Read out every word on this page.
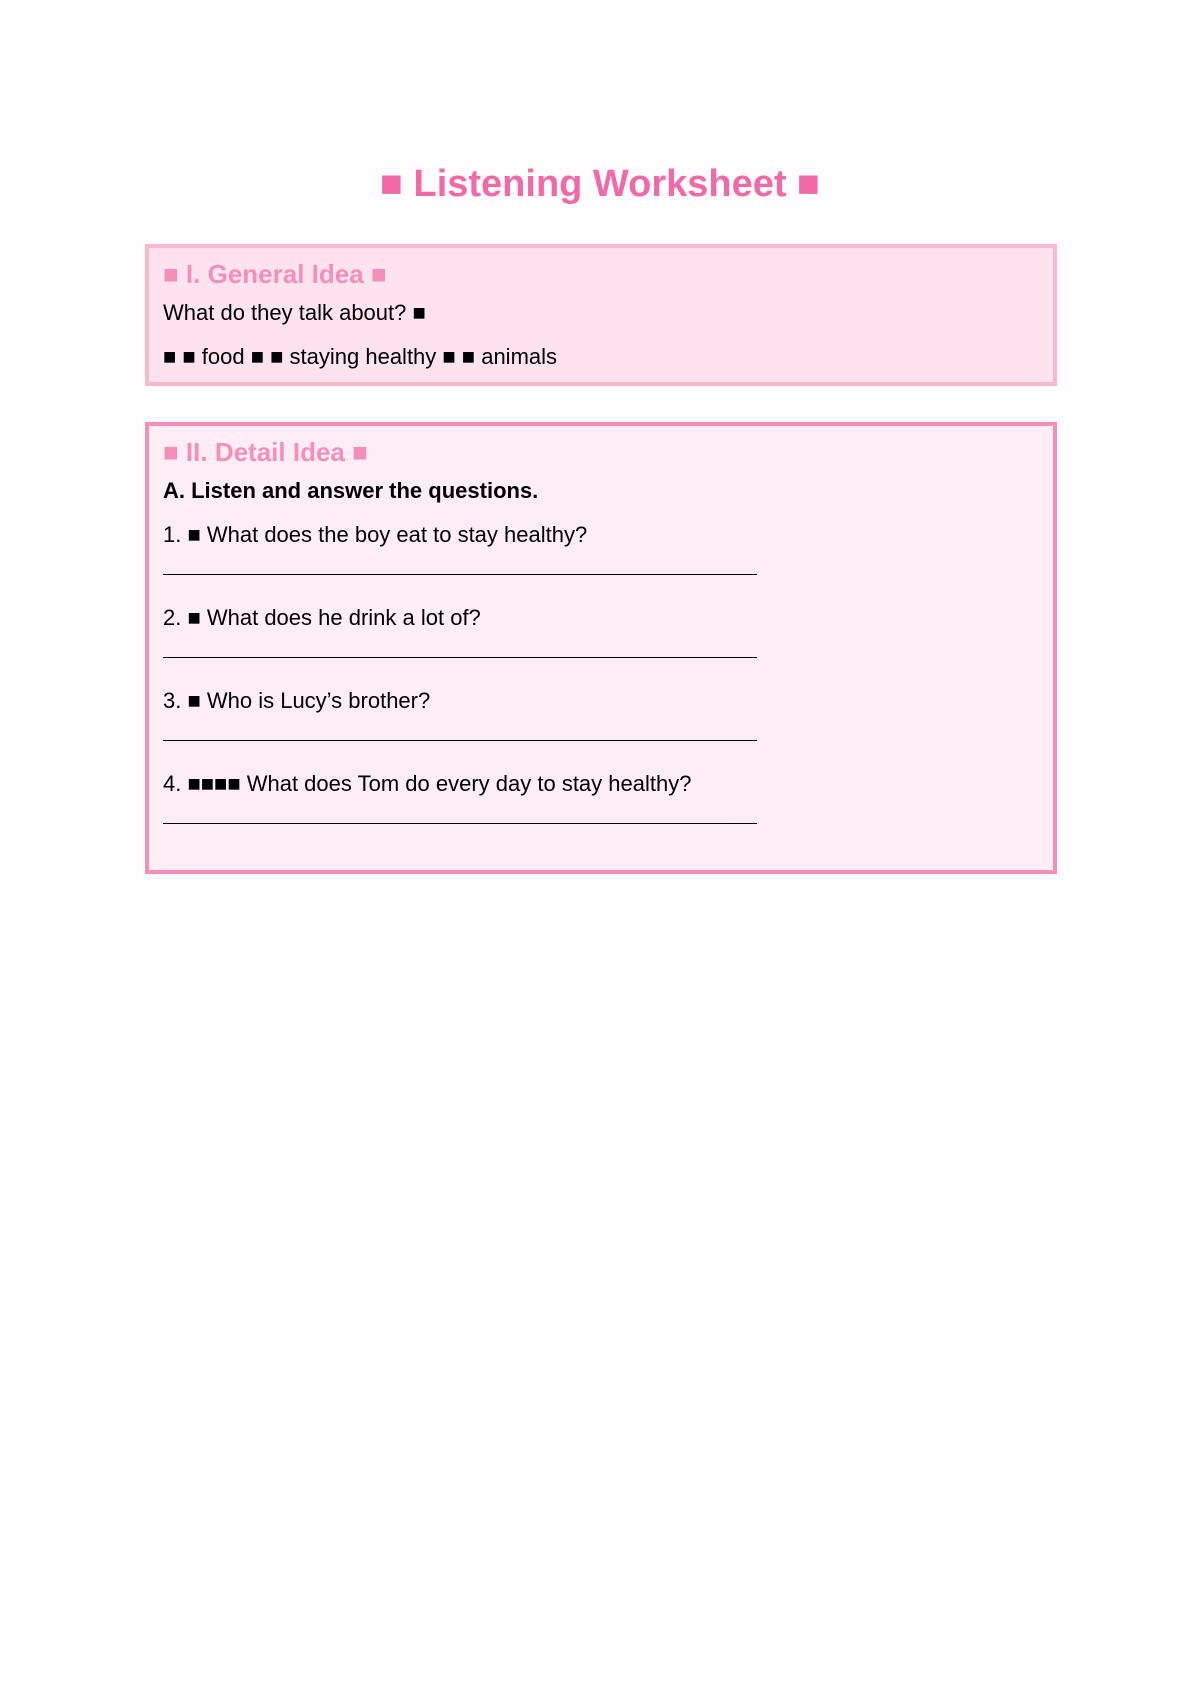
■ Listening Worksheet ■

■ I. General Idea ■

What do they talk about? ■

■ ■ food ■ ■ staying healthy ■ ■ animals

■ II. Detail Idea ■

A. Listen and answer the questions.

1. ■ What does the boy eat to stay healthy?

2. ■ What does he drink a lot of?

3. ■ Who is Lucy’s brother?

4. ■■■■ What does Tom do every day to stay healthy?
